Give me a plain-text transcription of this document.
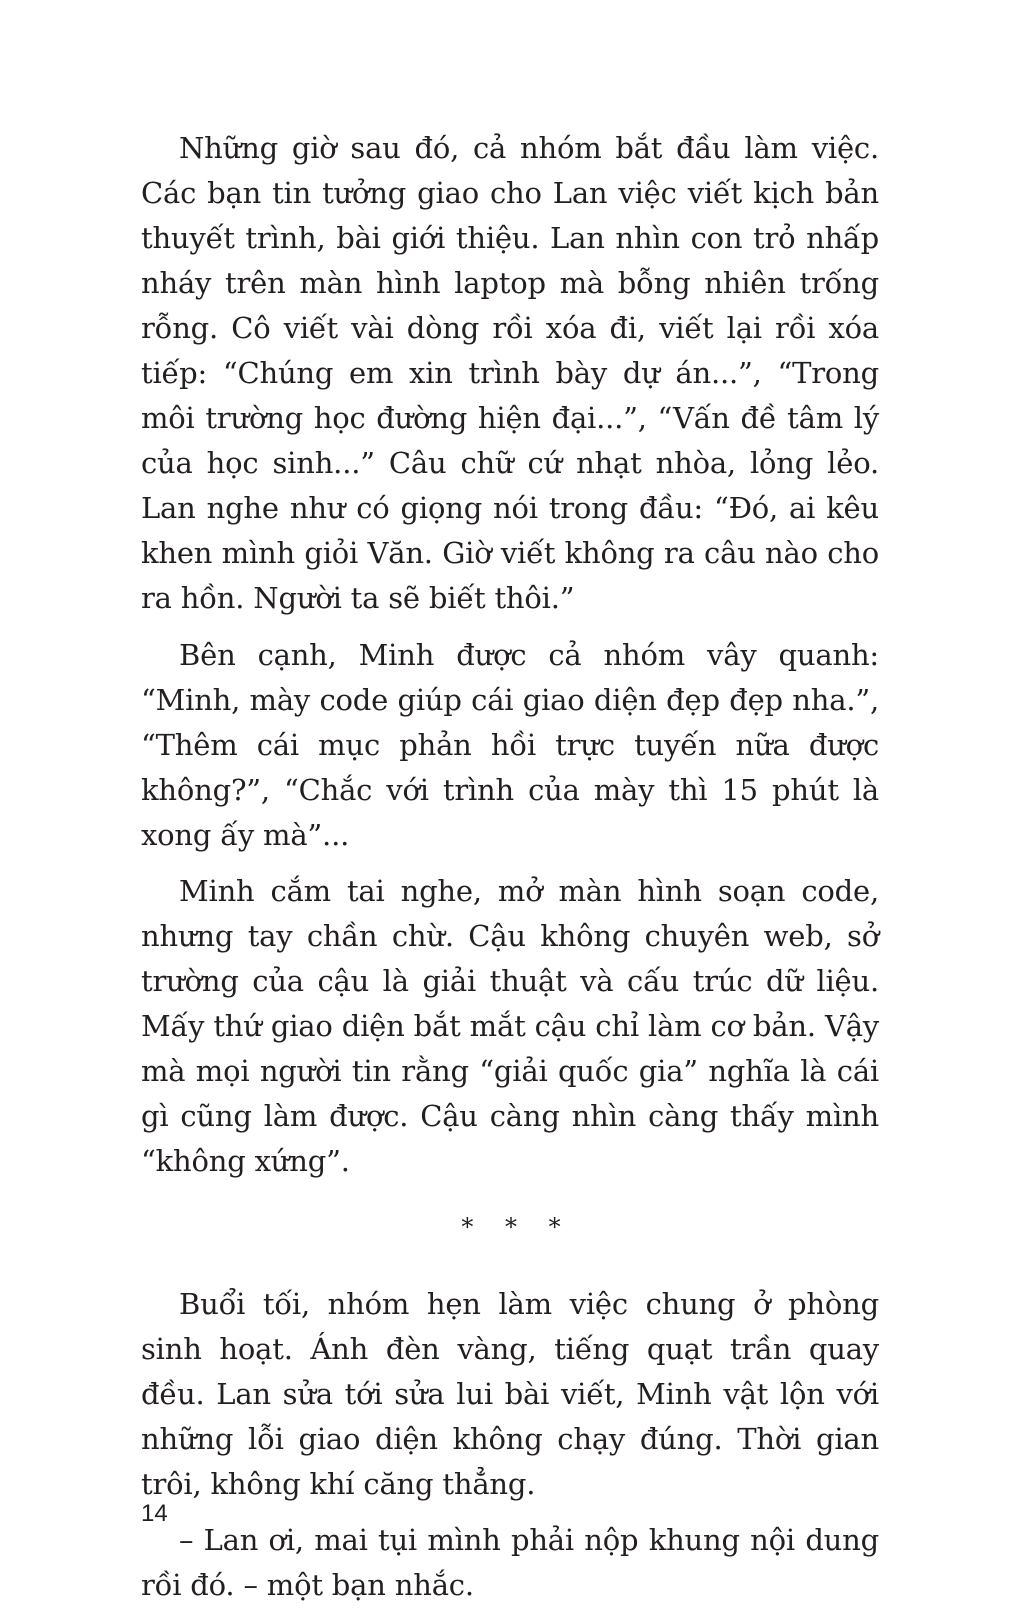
Những giờ sau đó, cả nhóm bắt đầu làm việc. Các bạn tin tưởng giao cho Lan việc viết kịch bản thuyết trình, bài giới thiệu. Lan nhìn con trỏ nhấp nháy trên màn hình laptop mà bỗng nhiên trống rỗng. Cô viết vài dòng rồi xóa đi, viết lại rồi xóa tiếp: “Chúng em xin trình bày dự án...”, “Trong môi trường học đường hiện đại...”, “Vấn đề tâm lý của học sinh...” Câu chữ cứ nhạt nhòa, lỏng lẻo. Lan nghe như có giọng nói trong đầu: “Đó, ai kêu khen mình giỏi Văn. Giờ viết không ra câu nào cho ra hồn. Người ta sẽ biết thôi.”

Bên cạnh, Minh được cả nhóm vây quanh: “Minh, mày code giúp cái giao diện đẹp đẹp nha.”, “Thêm cái mục phản hồi trực tuyến nữa được không?”, “Chắc với trình của mày thì 15 phút là xong ấy mà”...

Minh cắm tai nghe, mở màn hình soạn code, nhưng tay chần chừ. Cậu không chuyên web, sở trường của cậu là giải thuật và cấu trúc dữ liệu. Mấy thứ giao diện bắt mắt cậu chỉ làm cơ bản. Vậy mà mọi người tin rằng “giải quốc gia” nghĩa là cái gì cũng làm được. Cậu càng nhìn càng thấy mình “không xứng”.

* * *

Buổi tối, nhóm hẹn làm việc chung ở phòng sinh hoạt. Ánh đèn vàng, tiếng quạt trần quay đều. Lan sửa tới sửa lui bài viết, Minh vật lộn với những lỗi giao diện không chạy đúng. Thời gian trôi, không khí căng thẳng.

– Lan ơi, mai tụi mình phải nộp khung nội dung rồi đó. – một bạn nhắc.

14
